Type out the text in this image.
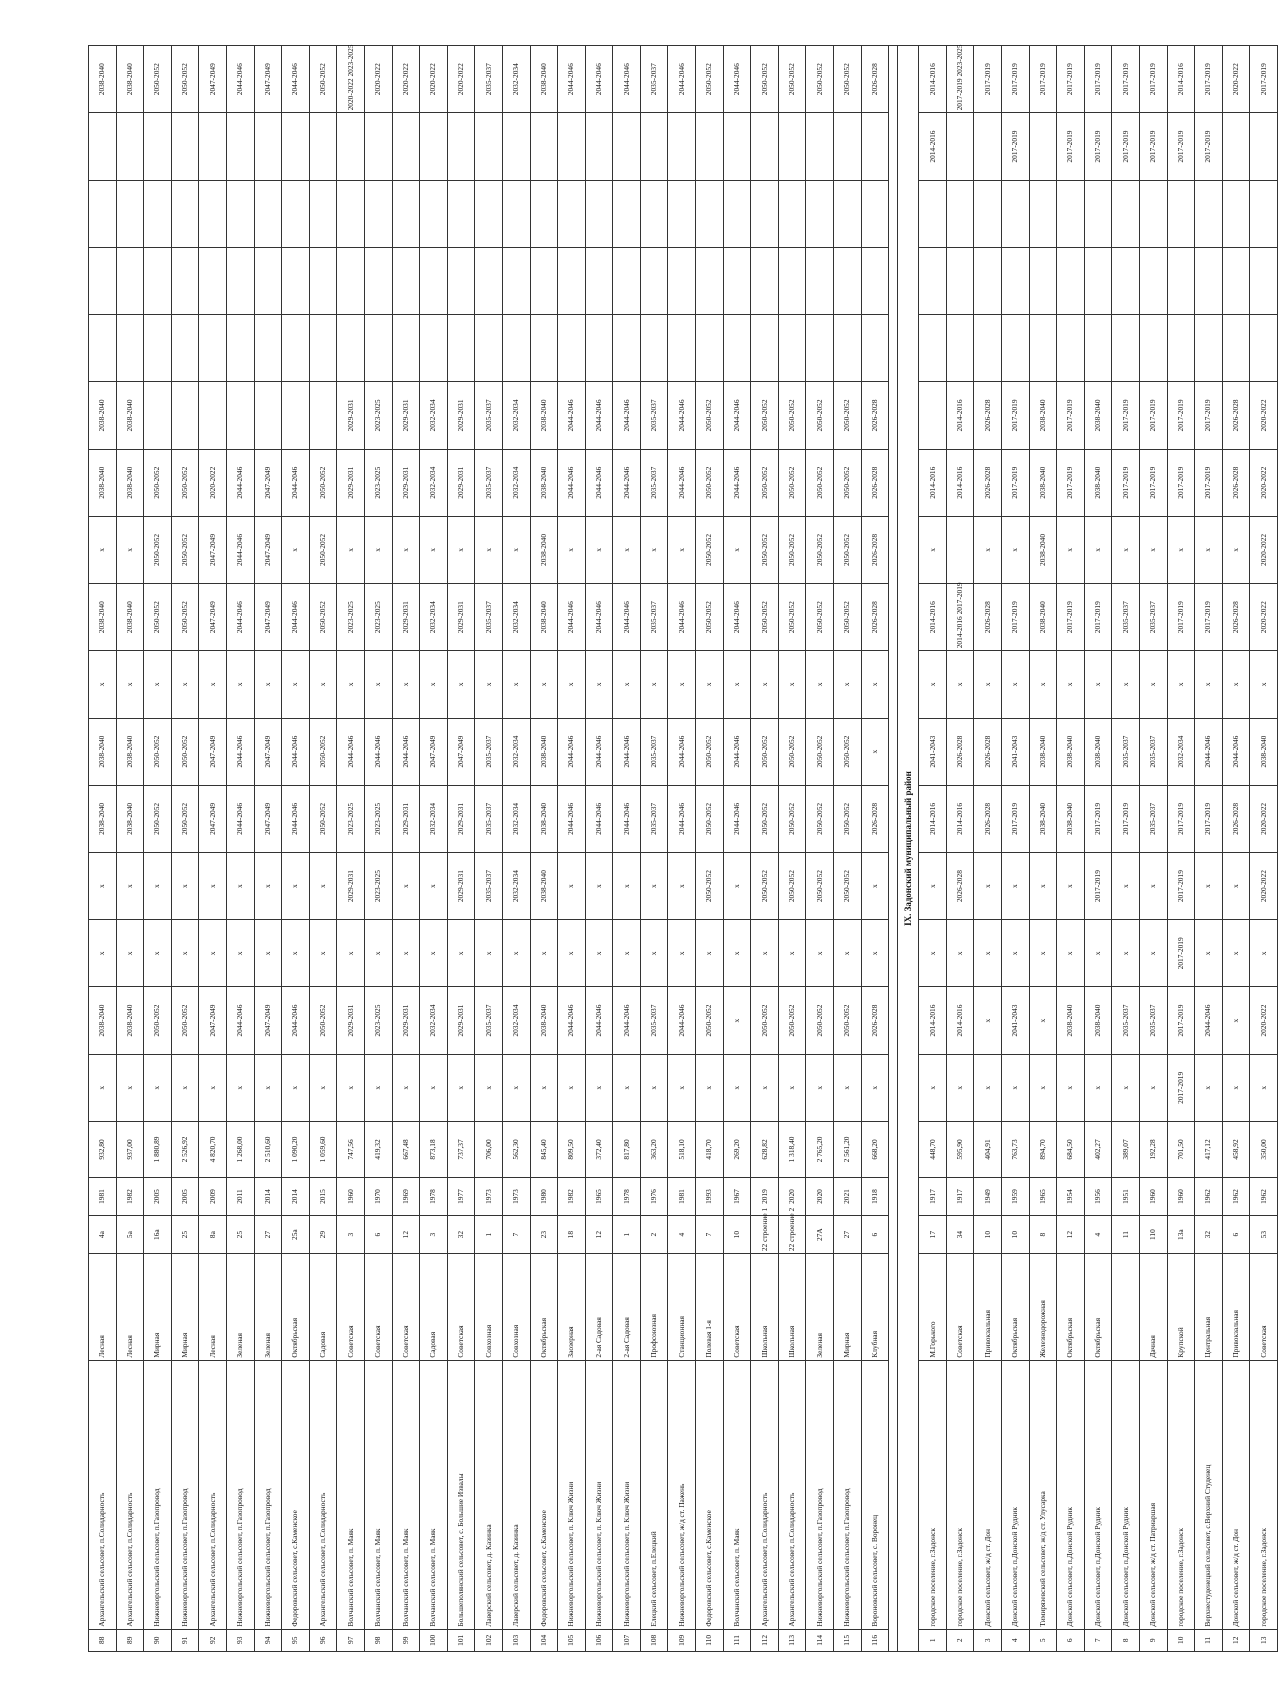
88	Архангельский сельсовет, п.Солидарность	Лесная	4а	1981	932,80	х	2038-2040	х	х	2038-2040	2038-2040	х	2038-2040	х	2038-2040	2038-2040					2038-2040
89	Архангельский сельсовет, п.Солидарность	Лесная	5а	1982	937,00	х	2038-2040	х	х	2038-2040	2038-2040	х	2038-2040	х	2038-2040	2038-2040					2038-2040
90	Нижневоргольский сельсовет, п.Газопровод	Мирная	16а	2005	1 880,89	х	2050-2052	х	х	2050-2052	2050-2052	х	2050-2052	2050-2052	2050-2052						2050-2052
91	Нижневоргольский сельсовет, п.Газопровод	Мирная	25	2005	2 526,92	х	2050-2052	х	х	2050-2052	2050-2052	х	2050-2052	2050-2052	2050-2052						2050-2052
92	Архангельский сельсовет, п.Солидарность	Лесная	8а	2009	4 820,70	х	2047-2049	х	х	2047-2049	2047-2049	х	2047-2049	2047-2049	2020-2022						2047-2049
93	Нижневоргольский сельсовет, п.Газопровод	Зеленая	25	2011	1 268,00	х	2044-2046	х	х	2044-2046	2044-2046	х	2044-2046	2044-2046	2044-2046						2044-2046
94	Нижневоргольский сельсовет, п.Газопровод	Зеленая	27	2014	2 510,60	х	2047-2049	х	х	2047-2049	2047-2049	х	2047-2049	2047-2049	2047-2049						2047-2049
95	Федоровский сельсовет, с.Каменское	Октябрьская	25а	2014	1 090,20	х	2044-2046	х	х	2044-2046	2044-2046	х	2044-2046	х	2044-2046						2044-2046
96	Архангельский сельсовет, п.Солидарность	Садовая	29	2015	1 059,60	х	2050-2052	х	х	2050-2052	2050-2052	х	2050-2052	2050-2052	2050-2052						2050-2052
97	Волчанский сельсовет, п. Маяк	Советская	3	1960	747,56	х	2029-2031	х	2029-2031	2023-2025	2044-2046	х	2023-2025	х	2029-2031	2029-2031					2020-2022 2023-2025
98	Волчанский сельсовет, п. Маяк	Советская	6	1970	419,32	х	2023-2025	х	2023-2025	2023-2025	2044-2046	х	2023-2025	х	2023-2025	2023-2025					2020-2022
99	Волчанский сельсовет, п. Маяк	Советская	12	1969	667,48	х	2029-2031	х	х	2029-2031	2044-2046	х	2029-2031	х	2029-2031	2029-2031					2020-2022
100	Волчанский сельсовет, п. Маяк	Садовая	3	1978	873,18	х	2032-2034	х	х	2032-2034	2047-2049	х	2032-2034	х	2032-2034	2032-2034					2020-2022
101	Большеполянский сельсовет, с. Большие Извалы	Советская	32	1977	737,37	х	2029-2031	х	2029-2031	2029-2031	2047-2049	х	2029-2031	х	2029-2031	2029-2031					2020-2022
102	Лаверский сельсовет, д. Казинка	Совхозная	1	1973	706,00	х	2035-2037	х	2035-2037	2035-2037	2035-2037	х	2035-2037	х	2035-2037	2035-2037					2035-2037
103	Лаверский сельсовет, д. Казинка	Совхозная	7	1973	562,30	х	2032-2034	х	2032-2034	2032-2034	2032-2034	х	2032-2034	х	2032-2034	2032-2034					2032-2034
104	Федоровский сельсовет, с.Каменское	Октябрьская	23	1980	845,40	х	2038-2040	х	2038-2040	2038-2040	2038-2040	х	2038-2040	2038-2040	2038-2040	2038-2040					2038-2040
105	Нижневоргольский сельсовет, п. Ключ Жизни	Заозерная	18	1982	809,50	х	2044-2046	х	х	2044-2046	2044-2046	х	2044-2046	х	2044-2046	2044-2046					2044-2046
106	Нижневоргольский сельсовет, п. Ключ Жизни	2-ая Садовая	12	1965	372,40	х	2044-2046	х	х	2044-2046	2044-2046	х	2044-2046	х	2044-2046	2044-2046					2044-2046
107	Нижневоргольский сельсовет, п. Ключ Жизни	2-ая Садовая	1	1978	817,80	х	2044-2046	х	х	2044-2046	2044-2046	х	2044-2046	х	2044-2046	2044-2046					2044-2046
108	Елецкий сельсовет, п.Елецкий	Профсоюзная	2	1976	363,20	х	2035-2037	х	х	2035-2037	2035-2037	х	2035-2037	х	2035-2037	2035-2037					2035-2037
109	Нижневоргольский сельсовет, ж/д ст. Пажень	Станционная	4	1981	518,10	х	2044-2046	х	х	2044-2046	2044-2046	х	2044-2046	х	2044-2046	2044-2046					2044-2046
110	Федоровский сельсовет, с.Каменское	Полевая 1-я	7	1993	418,70	х	2050-2052	х	2050-2052	2050-2052	2050-2052	х	2050-2052	2050-2052	2050-2052	2050-2052					2050-2052
111	Волчанский сельсовет, п. Маяк	Советская	10	1967	269,20	х	х	х	х	2044-2046	2044-2046	х	2044-2046	х	2044-2046	2044-2046					2044-2046
112	Архангельский сельсовет, п.Солидарность	Школьная	22 строение 1	2019	628,82	х	2050-2052	х	2050-2052	2050-2052	2050-2052	х	2050-2052	2050-2052	2050-2052	2050-2052					2050-2052
113	Архангельский сельсовет, п.Солидарность	Школьная	22 строение 2	2020	1 318,40	х	2050-2052	х	2050-2052	2050-2052	2050-2052	х	2050-2052	2050-2052	2050-2052	2050-2052					2050-2052
114	Нижневоргольский сельсовет, п.Газопровод	Зеленая	27А	2020	2 765,20	х	2050-2052	х	2050-2052	2050-2052	2050-2052	х	2050-2052	2050-2052	2050-2052	2050-2052					2050-2052
115	Нижневоргольский сельсовет, п.Газопровод	Мирная	27	2021	2 561,20	х	2050-2052	х	2050-2052	2050-2052	2050-2052	х	2050-2052	2050-2052	2050-2052	2050-2052					2050-2052
116	Вороновский сельсовет, с. Воронец	Клубная	6	1918	668,20	х	2026-2028	х	х	2026-2028	х	х	2026-2028	2026-2028	2026-2028	2026-2028					2026-2028

IX. Задонский муниципальный район																					
1	городское поселение, г.Задонск	М.Горького	17	1917	448,70	х	2014-2016	х	х	2014-2016	2041-2043	х	2014-2016	х	2014-2016					2014-2016	2014-2016
2	городское поселение, г.Задонск	Советская	34	1917	595,90	х	2014-2016	х	2026-2028	2014-2016	2026-2028	х	2014-2016 2017-2019		2014-2016	2014-2016					2017-2019 2023-2025
3	Донской сельсовет, ж/д ст. Дон	Привокзальная	10	1949	404,91	х	х	х	х	2026-2028	2026-2028	х	2026-2028	х	2026-2028	2026-2028					2017-2019
4	Донской сельсовет, п.Донской Рудник	Октябрьская	10	1959	763,73	х	2041-2043	х	х	2017-2019	2041-2043	х	2017-2019	х	2017-2019	2017-2019				2017-2019	2017-2019
5	Тимирязевский сельсовет, ж/д ст. Улусарка	Железнодорожная	8	1965	894,70	х	х	х	х	2038-2040	2038-2040	х	2038-2040	2038-2040	2038-2040	2038-2040					2017-2019
6	Донской сельсовет, п.Донской Рудник	Октябрьская	12	1954	684,50	х	2038-2040	х	х	2038-2040	2038-2040	х	2017-2019	х	2017-2019	2017-2019				2017-2019	2017-2019
7	Донской сельсовет, п.Донской Рудник	Октябрьская	4	1956	402,27	х	2038-2040	х	2017-2019	2017-2019	2038-2040	х	2017-2019	х	2038-2040	2038-2040				2017-2019	2017-2019
8	Донской сельсовет, п.Донской Рудник		11	1951	389,07	х	2035-2037	х	х	2017-2019	2035-2037	х	2035-2037	х	2017-2019	2017-2019				2017-2019	2017-2019
9	Донской сельсовет, ж/д ст. Патриаршая	Дачная	110	1960	192,28	х	2035-2037	х	х	2035-2037	2035-2037	х	2035-2037	х	2017-2019	2017-2019				2017-2019	2017-2019
10	городское поселение, г.Задонск	Крупской	13а	1960	701,50	2017-2019	2017-2019	2017-2019	2017-2019	2017-2019	2032-2034	х	2017-2019	х	2017-2019	2017-2019				2017-2019	2014-2016
11	Верхнестуденецкий сельсовет, с.Верхний Студенец	Центральная	32	1962	417,12	х	2044-2046	х	х	2017-2019	2044-2046	х	2017-2019	х	2017-2019	2017-2019				2017-2019	2017-2019
12	Донской сельсовет, ж/д ст. Дон	Привокзальная	6	1962	458,92	х	х	х	х	2026-2028	2044-2046	х	2026-2028	х	2026-2028	2026-2028					2020-2022
13	городское поселение, г.Задонск	Советская	53	1962	350,00	х	2020-2022	х	2020-2022	2020-2022	2038-2040	х	2020-2022	2020-2022	2020-2022	2020-2022					2017-2019
